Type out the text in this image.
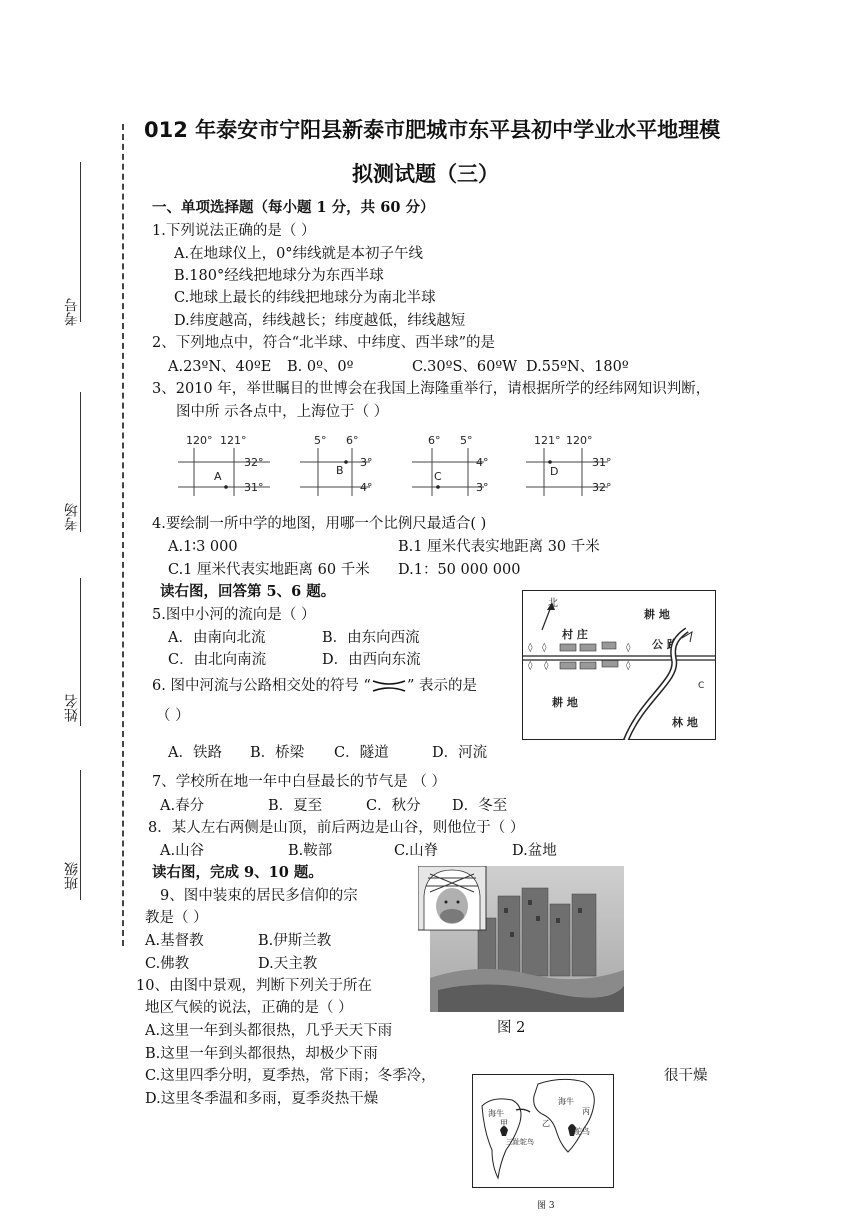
012 年泰安市宁阳县新泰市肥城市东平县初中学业水平地理模
拟测试题（三）
考号
考场
姓名
班级
一、单项选择题（每小题 1 分，共 60 分）
1.下列说法正确的是（ ）
A.在地球仪上，0°纬线就是本初子午线
B.180°经线把地球分为东西半球
C.地球上最长的纬线把地球分为南北半球
D.纬度越高，纬线越长；纬度越低，纬线越短
2、下列地点中，符合“北半球、中纬度、西半球”的是
A.23ºN、40ºE B. 0º、0º	C.30ºS、60ºW D.55ºN、180º
3、2010 年，举世瞩目的世博会在我国上海隆重举行，请根据所学的经纬网知识判断，
图中所 示各点中，上海位于（ ）
120° 121°
32°
31°
A
5° 6°
3°
4°
B
6° 5°
4°
3°
C
121° 120°
31°
32°
D
4.要绘制一所中学的地图，用哪一个比例尺最适合( )
A.1∶3 000	B.1 厘米代表实地距离 30 千米
C.1 厘米代表实地距离 60 千米 D.1：50 000 000
读右图，回答第 5、6 题。
5.图中小河的流向是（ ）
A．由南向北流	B．由东向西流
C．由北向南流	D．由西向东流
6. 图中河流与公路相交处的符号 “ ” 表示的是
（ ）
A．铁路 B．桥梁 C．隧道	D．河流
北
耕 地
村 庄
◊ ◊	◊
◊ ◊	◊
公 路
C
耕 地
林 地
7、学校所在地一年中白昼最长的节气是 （ ）
A.春分	B．夏至	C．秋分 D．冬至
8．某人左右两侧是山顶，前后两边是山谷，则他位于（ ）
A.山谷	B.鞍部	C.山脊	D.盆地
读右图，完成 9、10 题。
9、图中装束的居民多信仰的宗
教是（ ）
A.基督教	B.伊斯兰教
C.佛教	D.天主教
10、由图中景观，判断下列关于所在
地区气候的说法，正确的是（ ）
A.这里一年到头都很热，几乎天天下雨
B.这里一年到头都很热，却极少下雨
C.这里四季分明，夏季热，常下雨；冬季冷，	很干燥
D.这里冬季温和多雨，夏季炎热干燥
图 2
海牛
甲
三趾鸵鸟
海牛
丙
乙
鸵鸟
图 3
